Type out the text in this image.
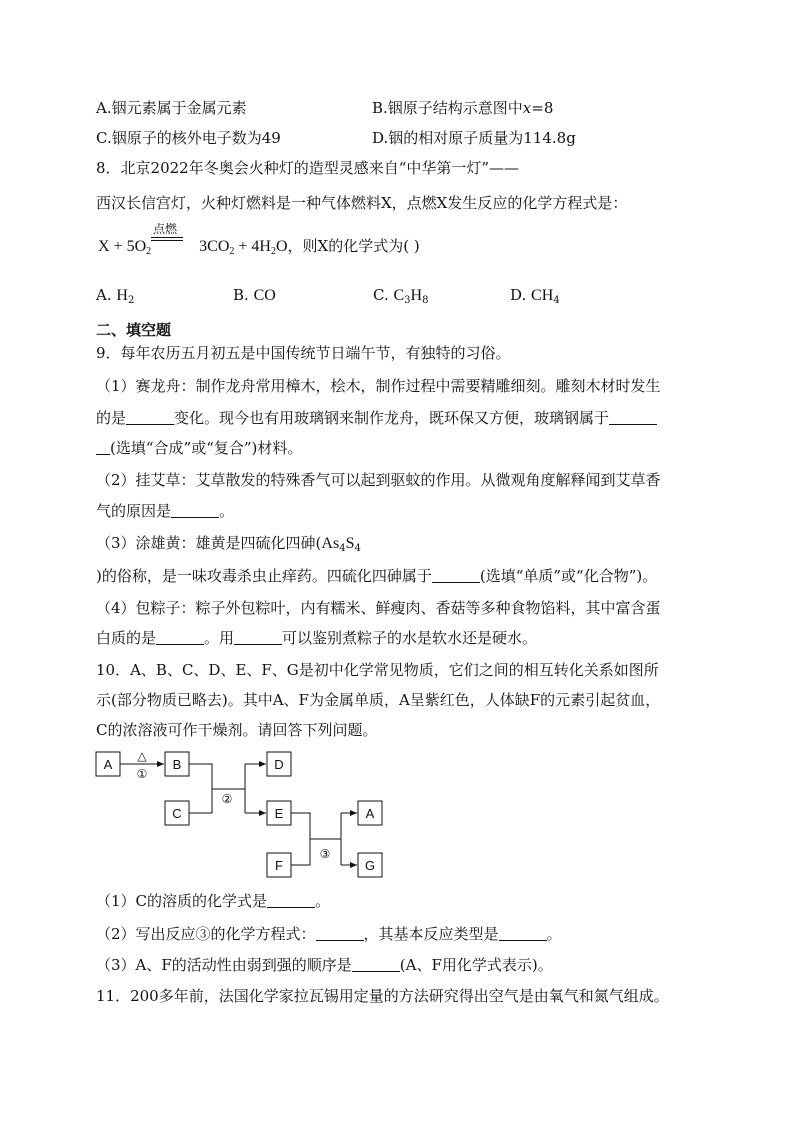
A.铟元素属于金属元素	B.铟原子结构示意图中x=8
C.铟原子的核外电子数为49	D.铟的相对原子质量为114.8g
8．北京2022年冬奥会火种灯的造型灵感来自“中华第一灯”——
西汉长信宫灯，火种灯燃料是一种气体燃料X，点燃X发生反应的化学方程式是：
$X + 5O_2$	$3CO_2 + 4H_2O$，则X的化学式为( )
点燃
A. $H_2$	B. CO	C. $C_3H_8$	D. $CH_4$
二、填空题
9．每年农历五月初五是中国传统节日端午节，有独特的习俗。
（1）赛龙舟：制作龙舟常用樟木，桧木，制作过程中需要精雕细刻。雕刻木材时发生
的是	变化。现今也有用玻璃钢来制作龙舟，既环保又方便，玻璃钢属于
(选填“合成”或“复合”)材料。
（2）挂艾草：艾草散发的特殊香气可以起到驱蚊的作用。从微观角度解释闻到艾草香
气的原因是	。
（3）涂雄黄：雄黄是四硫化四砷($As_4S_4$
)的俗称，是一味攻毒杀虫止痒药。四硫化四砷属于	(选填“单质”或“化合物”)。
（4）包粽子：粽子外包粽叶，内有糯米、鲜瘦肉、香菇等多种食物馅料，其中富含蛋
白质的是	。用	可以鉴别煮粽子的水是软水还是硬水。
10．A、B、C、D、E、F、G是初中化学常见物质，它们之间的相互转化关系如图所
示(部分物质已略去)。其中A、F为金属单质，A呈紫红色，人体缺F的元素引起贫血，
C的浓溶液可作干燥剂。请回答下列问题。
A	B
C
D
E
F
A
G
△
①
②
③
（1）C的溶质的化学式是	。
（2）写出反应③的化学方程式：	，其基本反应类型是	。
（3）A、F的活动性由弱到强的顺序是	(A、F用化学式表示)。
11．200多年前，法国化学家拉瓦锡用定量的方法研究得出空气是由氧气和氮气组成。
